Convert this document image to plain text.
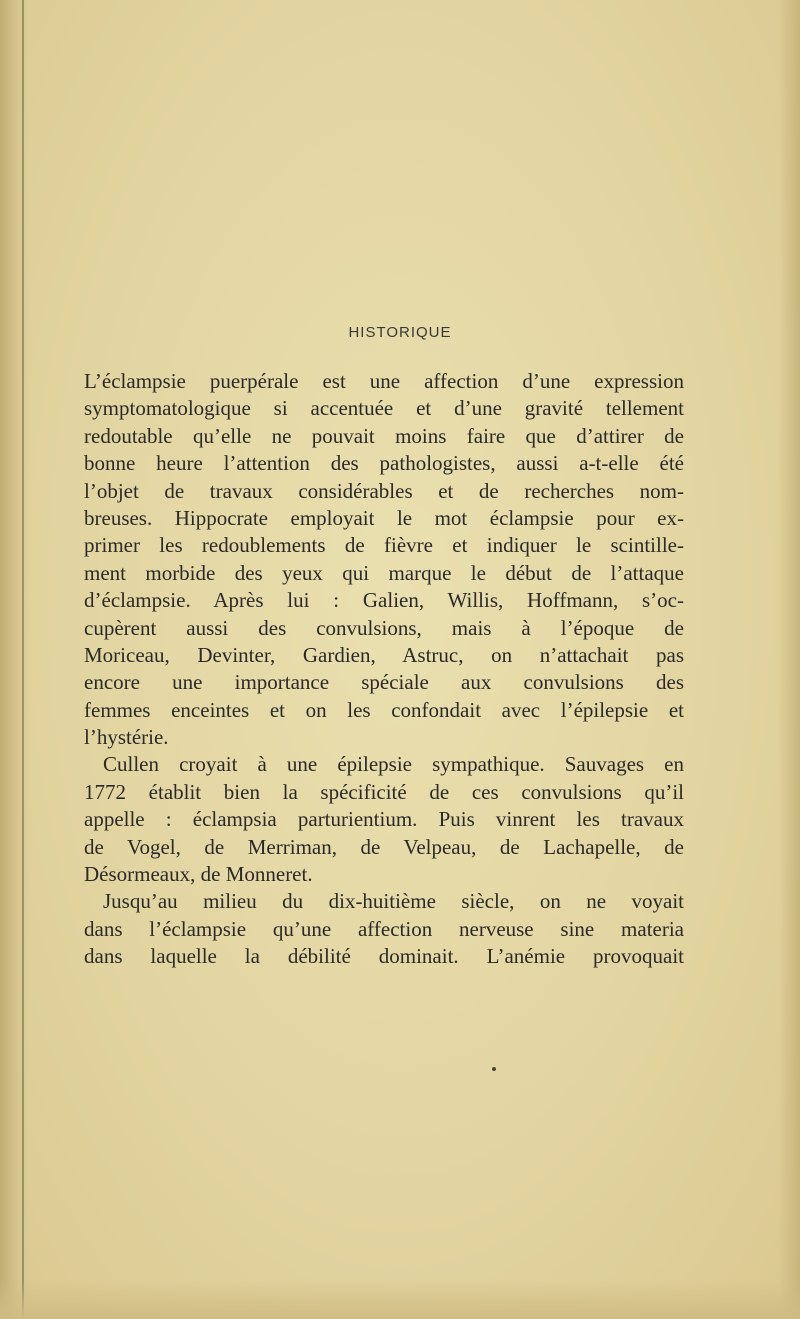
HISTORIQUE
L’éclampsie puerpérale est une affection d’une expression
symptomatologique si accentuée et d’une gravité tellement
redoutable qu’elle ne pouvait moins faire que d’attirer de
bonne heure l’attention des pathologistes, aussi a-t-elle été
l’objet de travaux considérables et de recherches nom-
breuses. Hippocrate employait le mot éclampsie pour ex-
primer les redoublements de fièvre et indiquer le scintille-
ment morbide des yeux qui marque le début de l’attaque
d’éclampsie. Après lui : Galien, Willis, Hoffmann, s’oc-
cupèrent aussi des convulsions, mais à l’époque de
Moriceau, Devinter, Gardien, Astruc, on n’attachait pas
encore une importance spéciale aux convulsions des
femmes enceintes et on les confondait avec l’épilepsie et
l’hystérie.
Cullen croyait à une épilepsie sympathique. Sauvages en
1772 établit bien la spécificité de ces convulsions qu’il
appelle : éclampsia parturientium. Puis vinrent les travaux
de Vogel, de Merriman, de Velpeau, de Lachapelle, de
Désormeaux, de Monneret.
Jusqu’au milieu du dix-huitième siècle, on ne voyait
dans l’éclampsie qu’une affection nerveuse sine materia
dans laquelle la débilité dominait. L’anémie provoquait
